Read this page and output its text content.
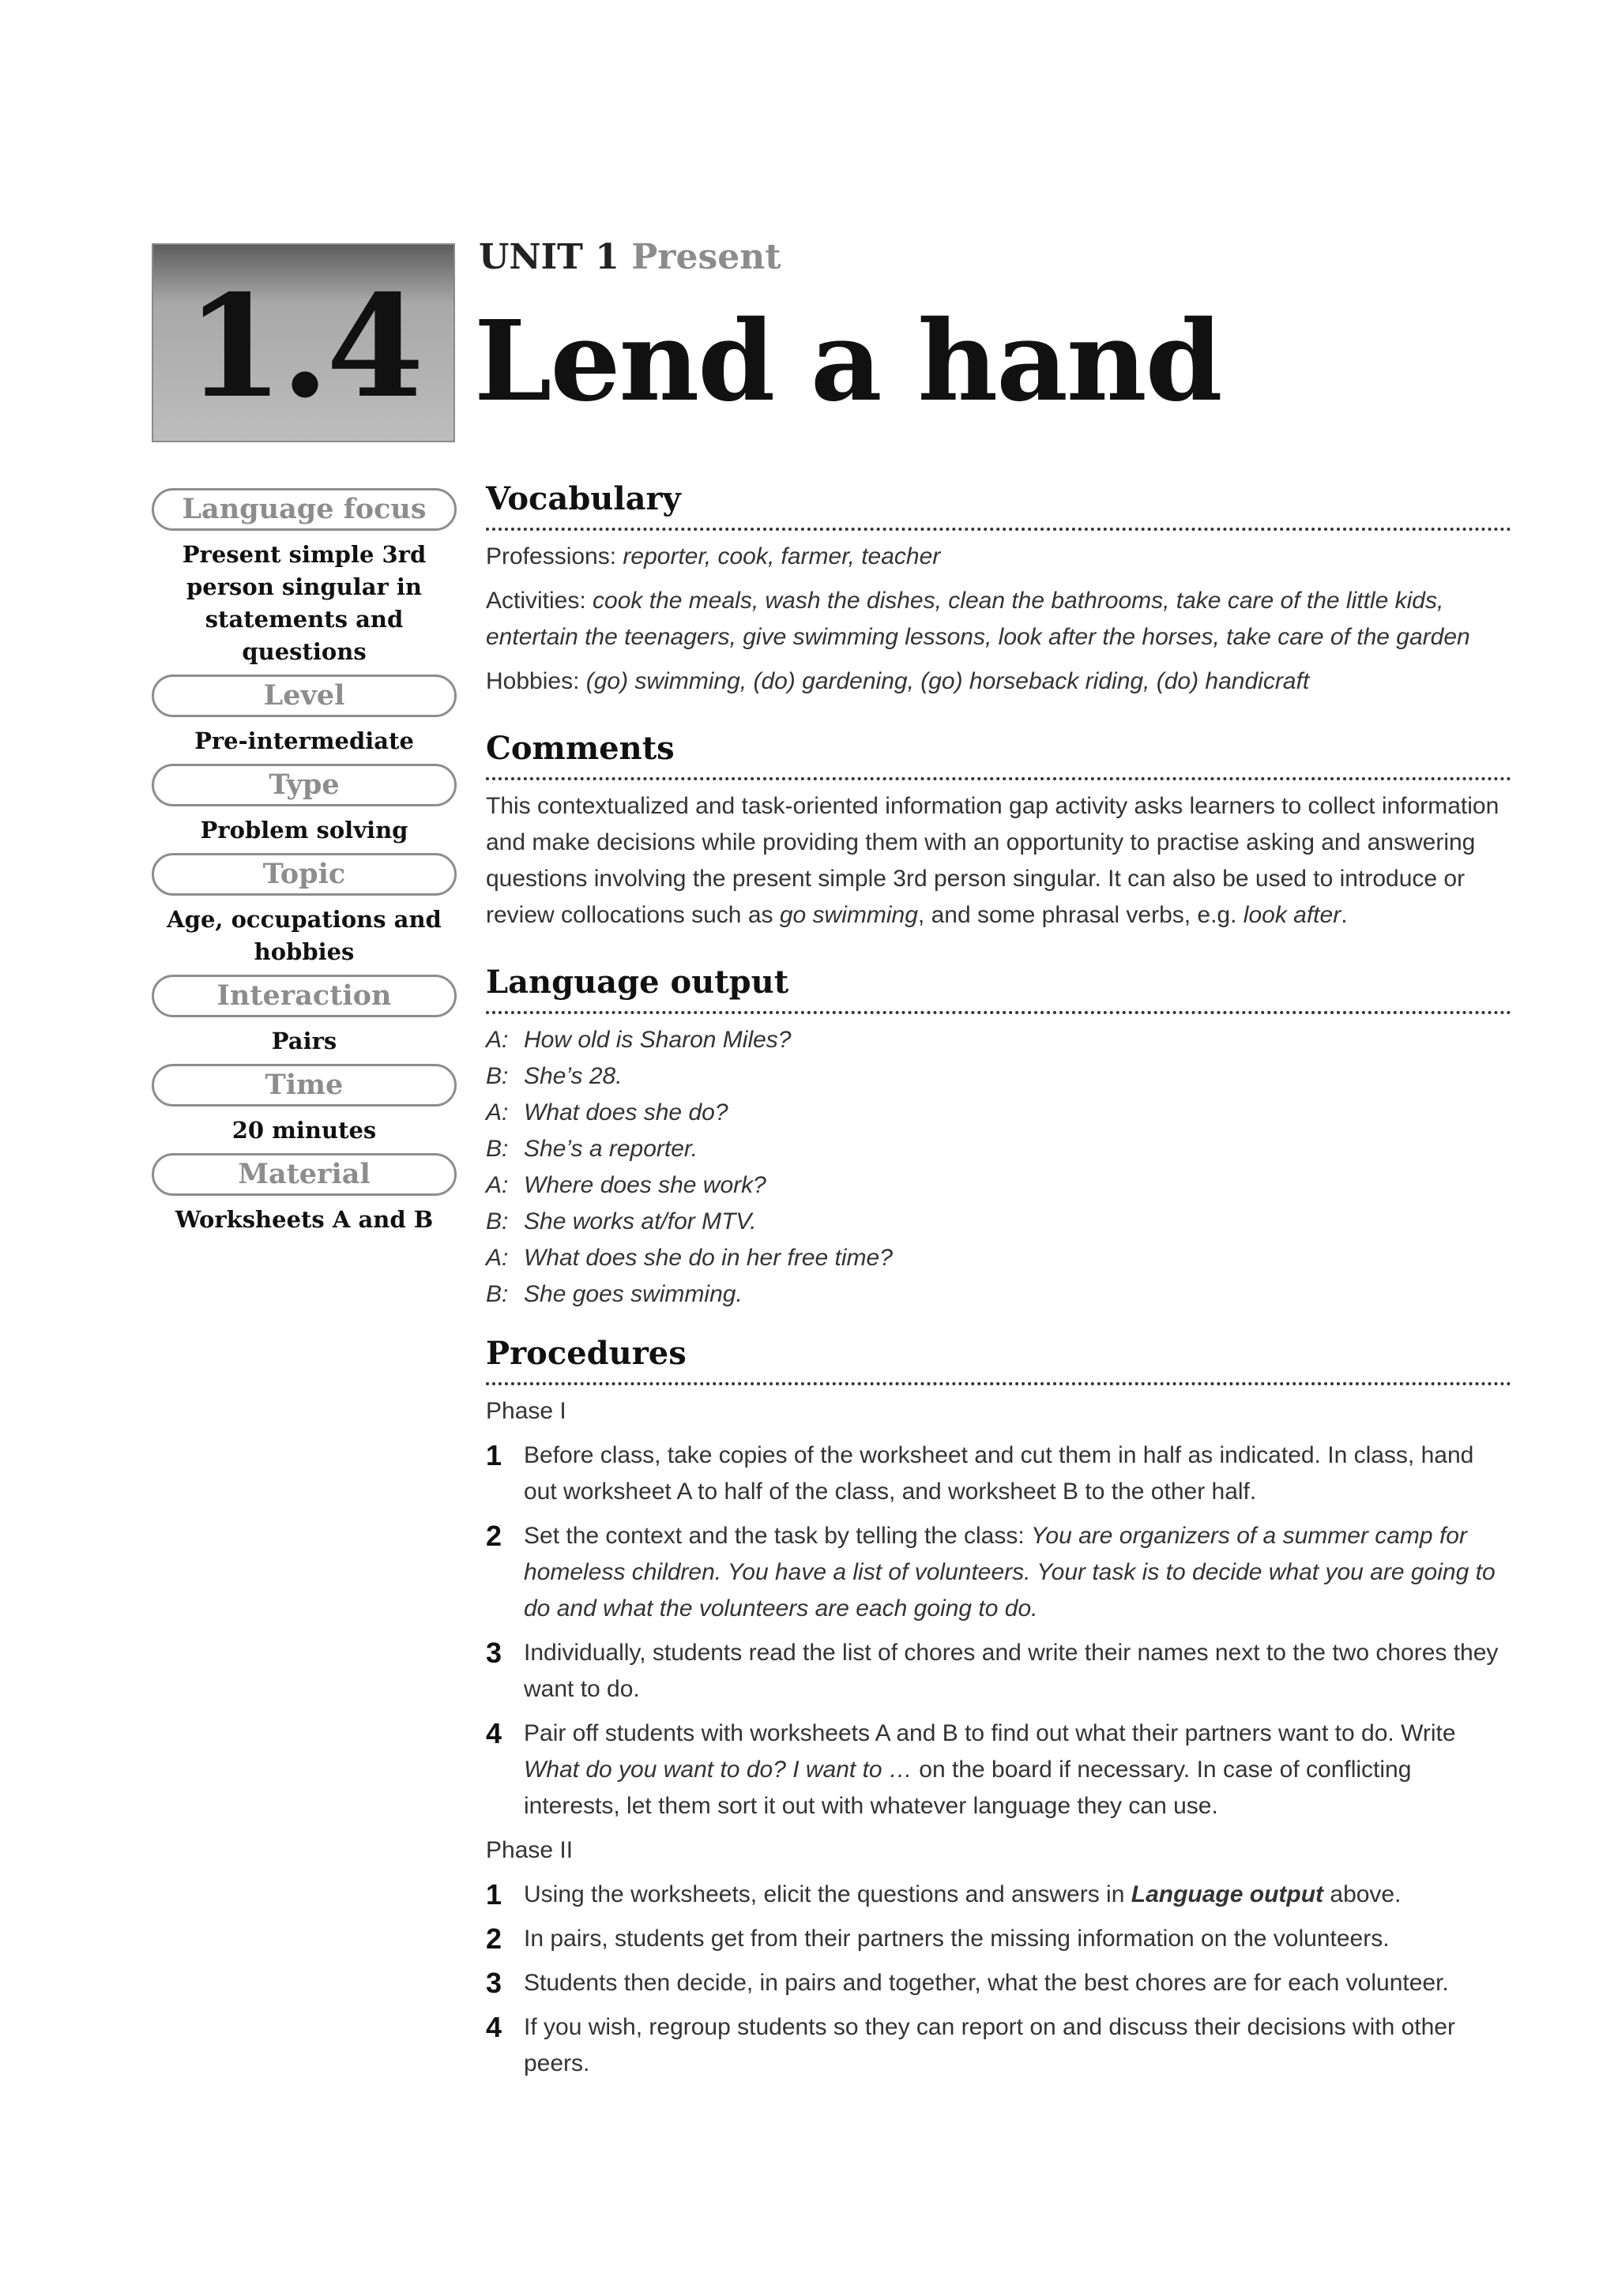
1.4
UNIT 1 Present
Lend a hand
Language focus
Present simple 3rd person singular in statements and questions
Level
Pre-intermediate
Type
Problem solving
Topic
Age, occupations and hobbies
Interaction
Pairs
Time
20 minutes
Material
Worksheets A and B
Vocabulary

Professions: reporter, cook, farmer, teacher

Activities: cook the meals, wash the dishes, clean the bathrooms, take care of the little kids, entertain the teenagers, give swimming lessons, look after the horses, take care of the garden

Hobbies: (go) swimming, (do) gardening, (go) horseback riding, (do) handicraft

Comments

This contextualized and task-oriented information gap activity asks learners to collect information and make decisions while providing them with an opportunity to practise asking and answering questions involving the present simple 3rd person singular. It can also be used to introduce or review collocations such as go swimming, and some phrasal verbs, e.g. look after.

Language output
A: How old is Sharon Miles?
B: She’s 28.
A: What does she do?
B: She’s a reporter.
A: Where does she work?
B: She works at/for MTV.
A: What does she do in her free time?
B: She goes swimming.
Procedures
Phase I
1 Before class, take copies of the worksheet and cut them in half as indicated. In class, hand out worksheet A to half of the class, and worksheet B to the other half.
2 Set the context and the task by telling the class: You are organizers of a summer camp for homeless children. You have a list of volunteers. Your task is to decide what you are going to do and what the volunteers are each going to do.
3 Individually, students read the list of chores and write their names next to the two chores they want to do.
4 Pair off students with worksheets A and B to find out what their partners want to do. Write What do you want to do? I want to … on the board if necessary. In case of conflicting interests, let them sort it out with whatever language they can use.
Phase II
1 Using the worksheets, elicit the questions and answers in Language output above.
2 In pairs, students get from their partners the missing information on the volunteers.
3 Students then decide, in pairs and together, what the best chores are for each volunteer.
4 If you wish, regroup students so they can report on and discuss their decisions with other peers.
